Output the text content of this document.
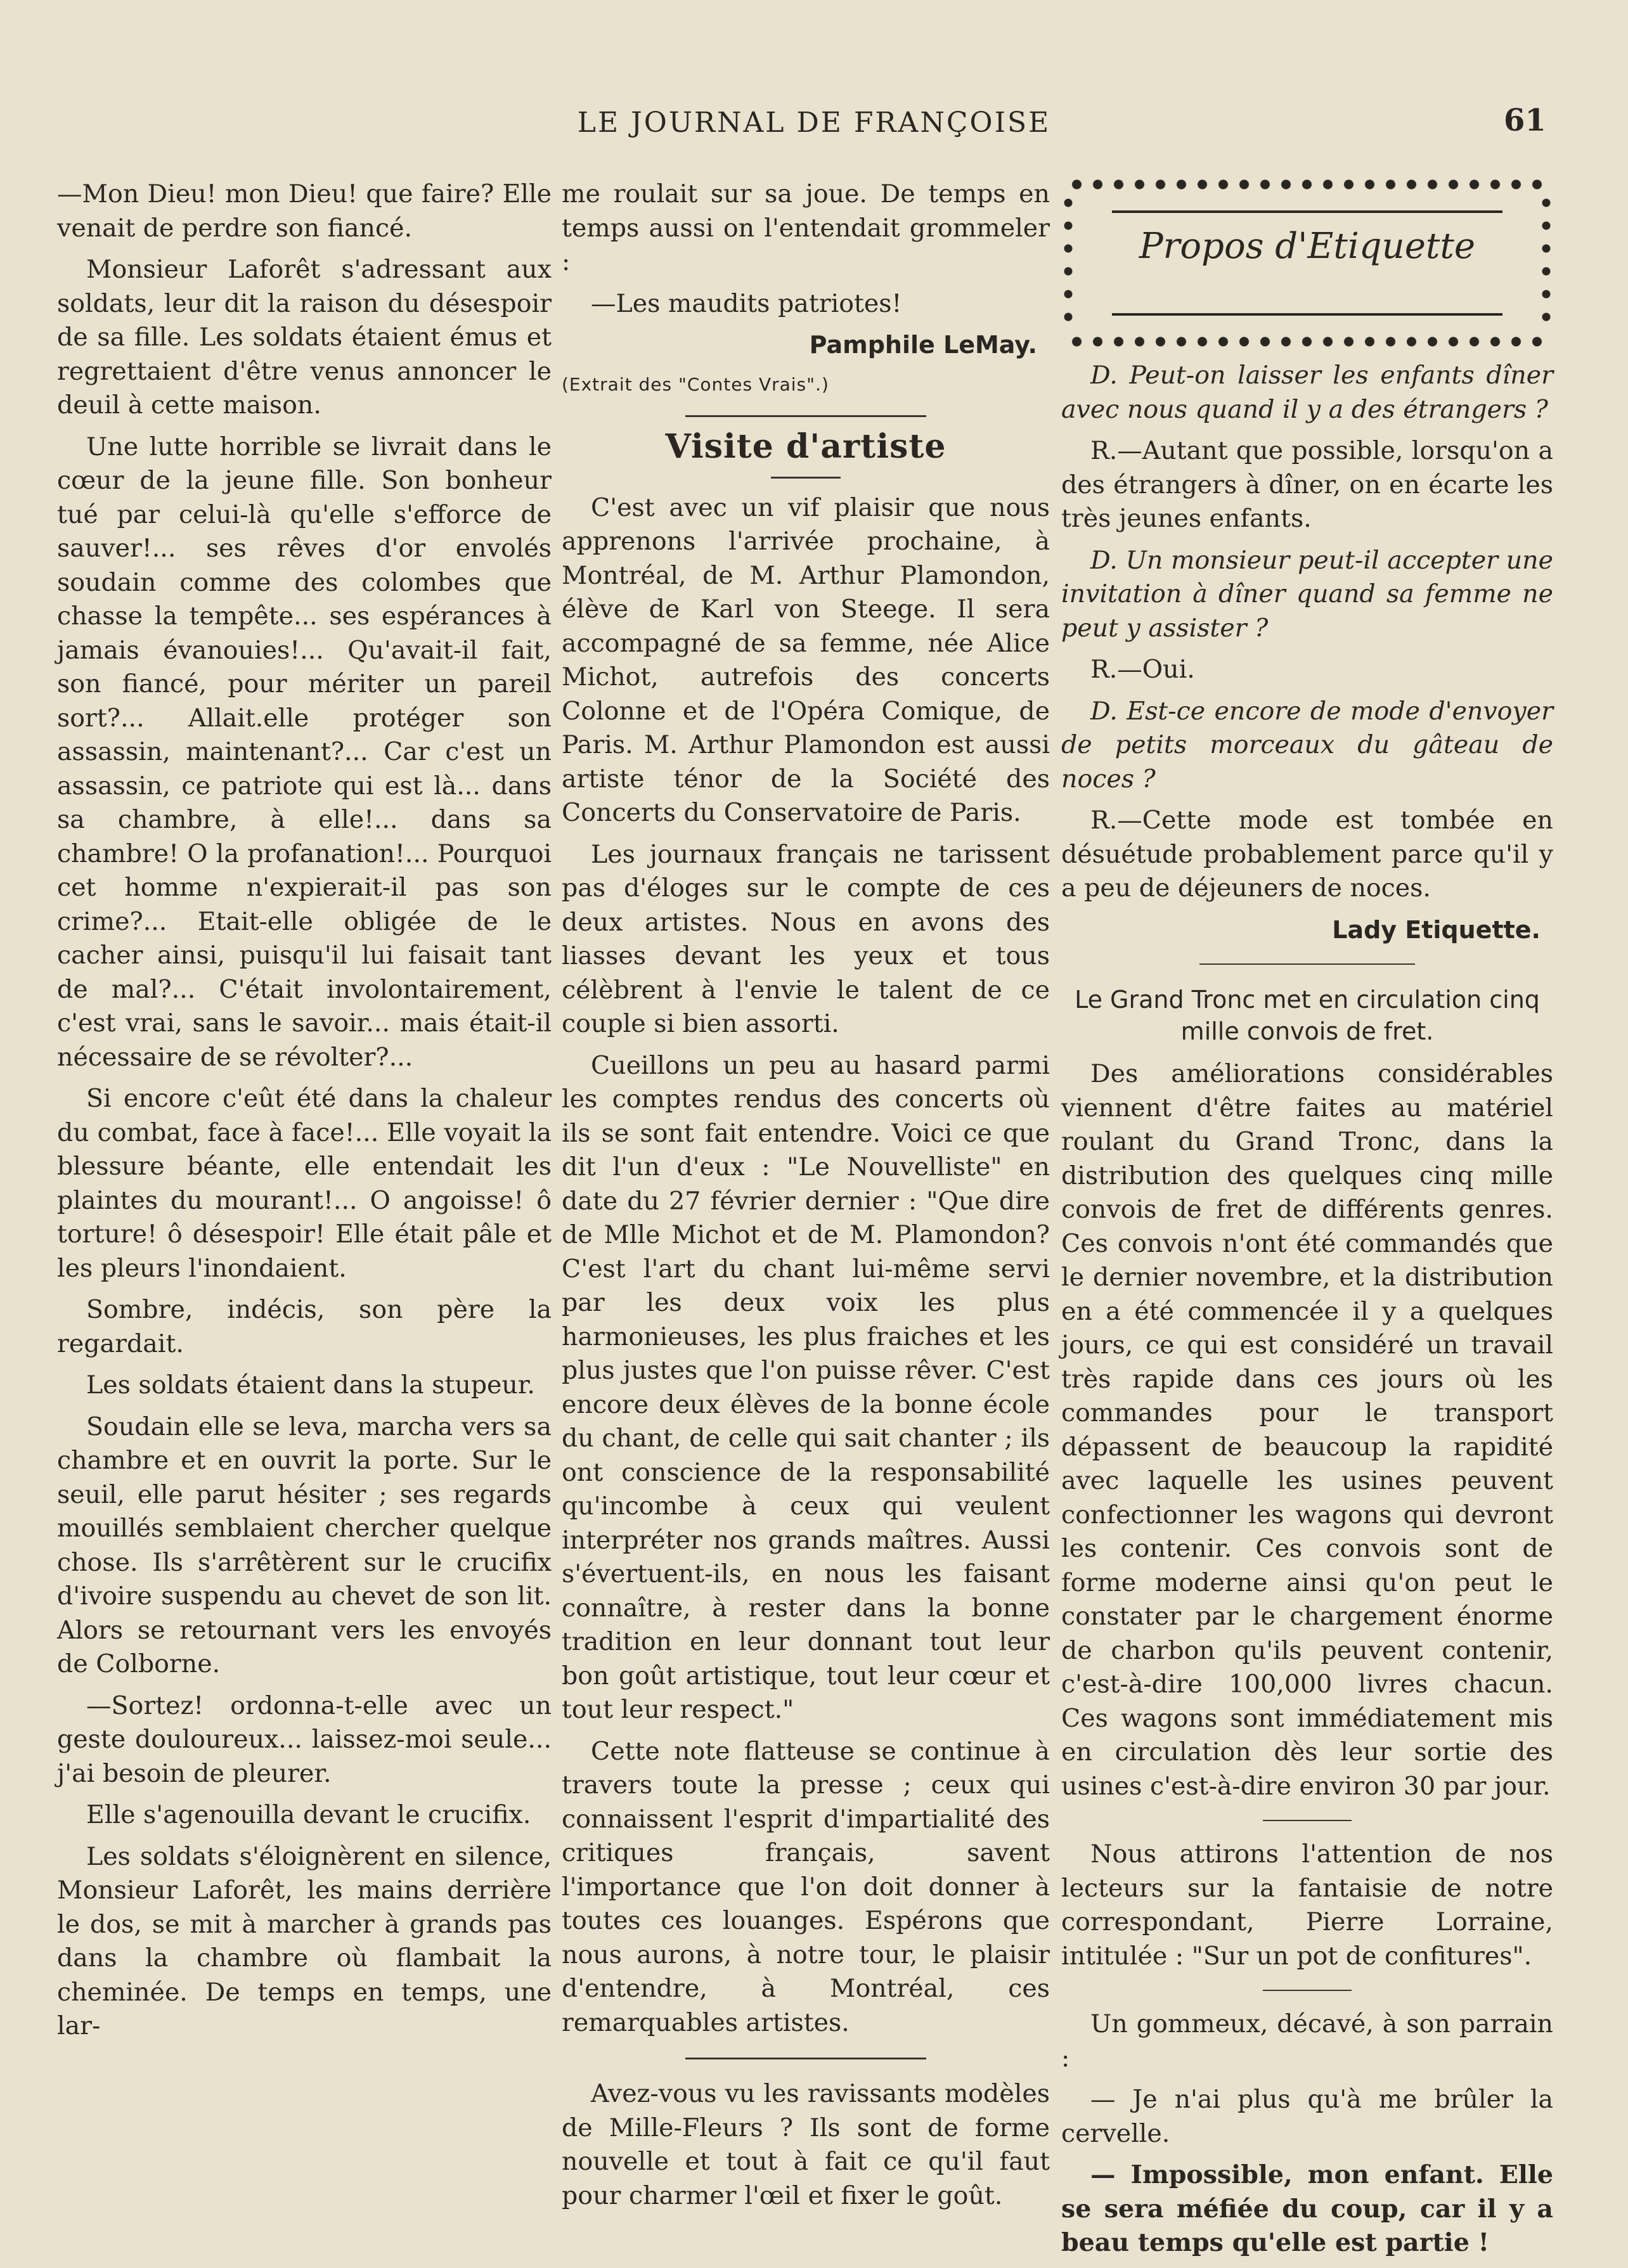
LE JOURNAL DE FRANÇOISE	61

—Mon Dieu! mon Dieu! que faire? Elle venait de perdre son fiancé.

Monsieur Laforêt s'adressant aux soldats, leur dit la raison du désespoir de sa fille. Les soldats étaient émus et regrettaient d'être venus annoncer le deuil à cette maison.

Une lutte horrible se livrait dans le cœur de la jeune fille. Son bonheur tué par celui-là qu'elle s'efforce de sauver!... ses rêves d'or envolés soudain comme des colombes que chasse la tempête... ses espérances à jamais évanouies!... Qu'avait-il fait, son fiancé, pour mériter un pareil sort?... Allait.elle protéger son assassin, maintenant?... Car c'est un assassin, ce patriote qui est là... dans sa chambre, à elle!... dans sa chambre! O la profanation!... Pourquoi cet homme n'expierait-il pas son crime?... Etait-elle obligée de le cacher ainsi, puisqu'il lui faisait tant de mal?... C'était involontairement, c'est vrai, sans le savoir... mais était-il nécessaire de se révolter?...

Si encore c'eût été dans la chaleur du combat, face à face!... Elle voyait la blessure béante, elle entendait les plaintes du mourant!... O angoisse! ô torture! ô désespoir! Elle était pâle et les pleurs l'inondaient.

Sombre, indécis, son père la regardait.

Les soldats étaient dans la stupeur.

Soudain elle se leva, marcha vers sa chambre et en ouvrit la porte. Sur le seuil, elle parut hésiter ; ses regards mouillés semblaient chercher quelque chose. Ils s'arrêtèrent sur le crucifix d'ivoire suspendu au chevet de son lit. Alors se retournant vers les envoyés de Colborne.

—Sortez! ordonna-t-elle avec un geste douloureux... laissez-moi seule... j'ai besoin de pleurer.

Elle s'agenouilla devant le crucifix.

Les soldats s'éloignèrent en silence, Monsieur Laforêt, les mains derrière le dos, se mit à marcher à grands pas dans la chambre où flambait la cheminée. De temps en temps, une lar-

me roulait sur sa joue. De temps en temps aussi on l'entendait grommeler :

—Les maudits patriotes!

Pamphile LeMay.
(Extrait des "Contes Vrais".)
Visite d'artiste

C'est avec un vif plaisir que nous apprenons l'arrivée prochaine, à Montréal, de M. Arthur Plamondon, élève de Karl von Steege. Il sera accompagné de sa femme, née Alice Michot, autrefois des concerts Colonne et de l'Opéra Comique, de Paris. M. Arthur Plamondon est aussi artiste ténor de la Société des Concerts du Conservatoire de Paris.

Les journaux français ne tarissent pas d'éloges sur le compte de ces deux artistes. Nous en avons des liasses devant les yeux et tous célèbrent à l'envie le talent de ce couple si bien assorti.

Cueillons un peu au hasard parmi les comptes rendus des concerts où ils se sont fait entendre. Voici ce que dit l'un d'eux : "Le Nouvelliste" en date du 27 février dernier : "Que dire de Mlle Michot et de M. Plamondon? C'est l'art du chant lui-même servi par les deux voix les plus harmonieuses, les plus fraiches et les plus justes que l'on puisse rêver. C'est encore deux élèves de la bonne école du chant, de celle qui sait chanter ; ils ont conscience de la responsabilité qu'incombe à ceux qui veulent interpréter nos grands maîtres. Aussi s'évertuent-ils, en nous les faisant connaître, à rester dans la bonne tradition en leur donnant tout leur bon goût artistique, tout leur cœur et tout leur respect."

Cette note flatteuse se continue à travers toute la presse ; ceux qui connaissent l'esprit d'impartialité des critiques français, savent l'importance que l'on doit donner à toutes ces louanges. Espérons que nous aurons, à notre tour, le plaisir d'entendre, à Montréal, ces remarquables artistes.

Avez-vous vu les ravissants modèles de Mille-Fleurs ? Ils sont de forme nouvelle et tout à fait ce qu'il faut pour charmer l'œil et fixer le goût.

Propos d'Etiquette

D. Peut-on laisser les enfants dîner avec nous quand il y a des étrangers ?

R.—Autant que possible, lorsqu'on a des étrangers à dîner, on en écarte les très jeunes enfants.

D. Un monsieur peut-il accepter une invitation à dîner quand sa femme ne peut y assister ?

R.—Oui.

D. Est-ce encore de mode d'envoyer de petits morceaux du gâteau de noces ?

R.—Cette mode est tombée en désuétude probablement parce qu'il y a peu de déjeuners de noces.

Lady Etiquette.
Le Grand Tronc met en circulation cinq mille convois de fret.

Des améliorations considérables viennent d'être faites au matériel roulant du Grand Tronc, dans la distribution des quelques cinq mille convois de fret de différents genres. Ces convois n'ont été commandés que le dernier novembre, et la distribution en a été commencée il y a quelques jours, ce qui est considéré un travail très rapide dans ces jours où les commandes pour le transport dépassent de beaucoup la rapidité avec laquelle les usines peuvent confectionner les wagons qui devront les contenir. Ces convois sont de forme moderne ainsi qu'on peut le constater par le chargement énorme de charbon qu'ils peuvent contenir, c'est-à-dire 100,000 livres chacun. Ces wagons sont immédiatement mis en circulation dès leur sortie des usines c'est-à-dire environ 30 par jour.

Nous attirons l'attention de nos lecteurs sur la fantaisie de notre correspondant, Pierre Lorraine, intitulée : "Sur un pot de confitures".

Un gommeux, décavé, à son parrain :

— Je n'ai plus qu'à me brûler la cervelle.

— Impossible, mon enfant. Elle se sera méfiée du coup, car il y a beau temps qu'elle est partie !
